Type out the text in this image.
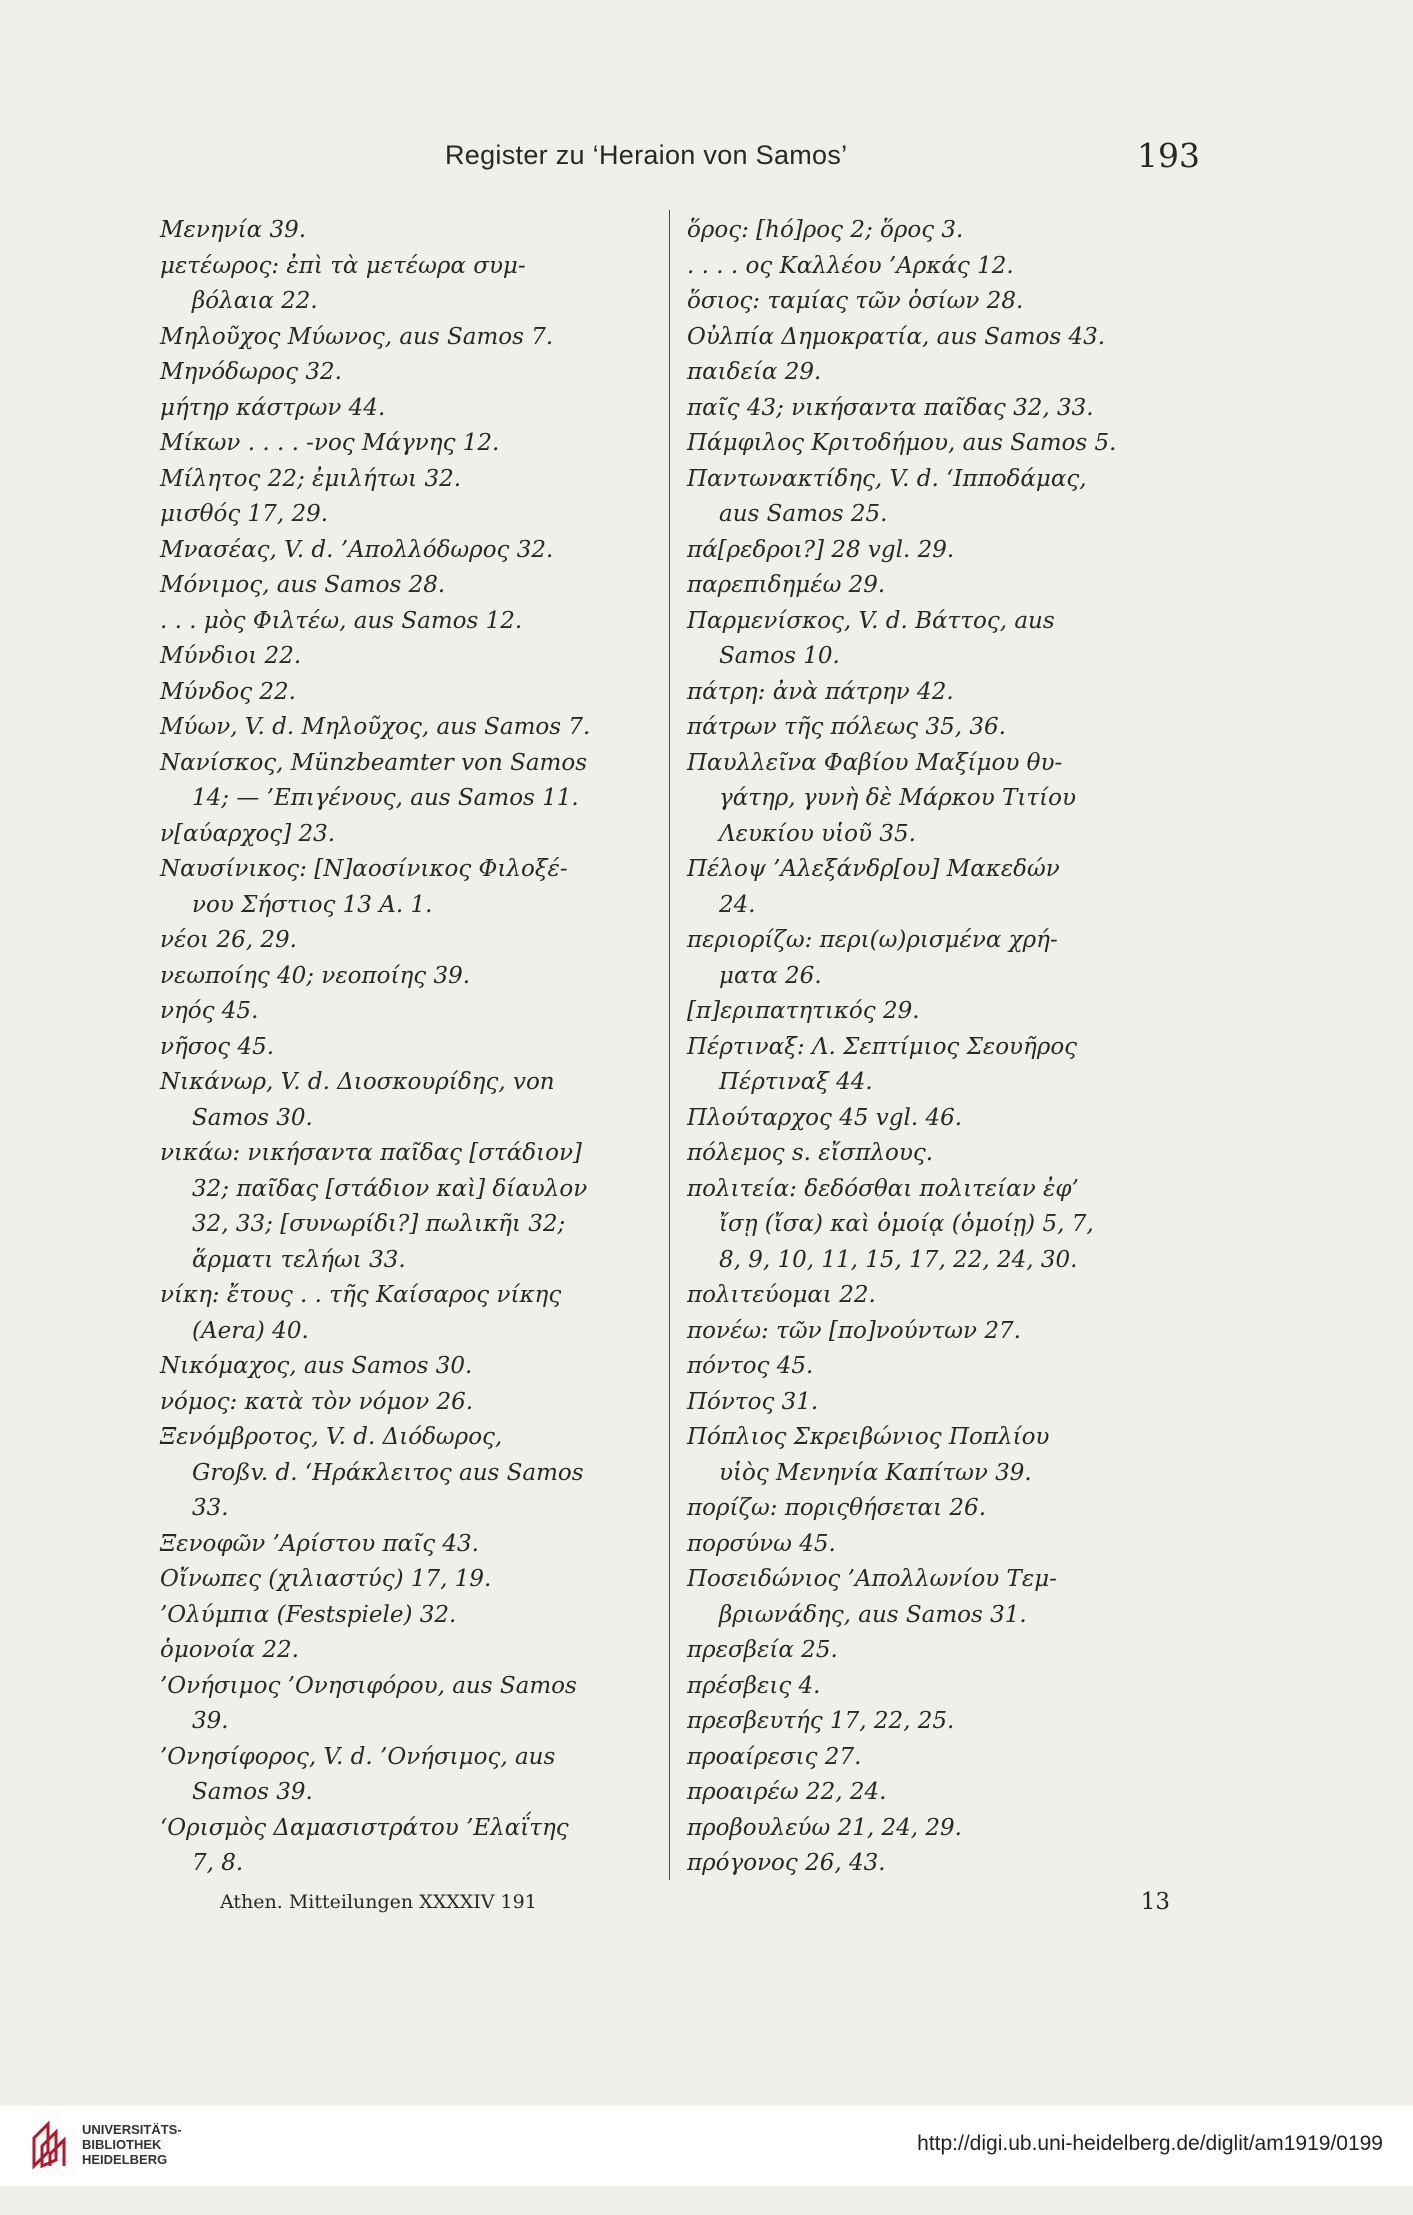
Register zu ‘Heraion von Samos’	193
Μενηνία 39.
μετέωρος: ἐπὶ τὰ μετέωρα συμ-
βόλαια 22.
Μηλοῦχος Μύωνος, aus Samos 7.
Μηνόδωρος 32.
μήτηρ κάστρων 44.
Μίκων . . . . -νος Μάγνης 12.
Μίλητος 22; ἐμιλήτωι 32.
μισθός 17, 29.
Μνασέας, V. d. ’Απολλόδωρος 32.
Μόνιμος, aus Samos 28.
. . . μὸς Φιλτέω, aus Samos 12.
Μύνδιοι 22.
Μύνδος 22.
Μύων, V. d. Μηλοῦχος, aus Samos 7.
Νανίσκος, Münzbeamter von Samos
14; — ’Επιγένους, aus Samos 11.
ν[αύαρχος] 23.
Ναυσίνικος: [Ν]αοσίνικος Φιλοξέ-
νου Σήστιος 13 A. 1.
νέοι 26, 29.
νεωποίης 40; νεοποίης 39.
νηός 45.
νῆσος 45.
Νικάνωρ, V. d. Διοσκουρίδης, von
Samos 30.
νικάω: νικήσαντα παῖδας [στάδιον]
32; παῖδας [στάδιον καὶ] δίαυλον
32, 33; [συνωρίδι?] πωλικῆι 32;
ἅρματι τελήωι 33.
νίκη: ἔτους . . τῆς Καίσαρος νίκης
(Aera) 40.
Νικόμαχος, aus Samos 30.
νόμος: κατὰ τὸν νόμον 26.
Ξενόμβροτος, V. d. Διόδωρος,
Großv. d. ‘Ηράκλειτος aus Samos
33.
Ξενοφῶν ’Αρίστου παῖς 43.
Οἴνωπες (χιλιαστύς) 17, 19.
’Ολύμπια (Festspiele) 32.
ὁμονοία 22.
’Ονήσιμος ’Ονησιφόρου, aus Samos
39.
’Ονησίφορος, V. d. ’Ονήσιμος, aus
Samos 39.
‘Ορισμὸς Δαμασιστράτου ’Ελαΐτης
7, 8.
ὅρος: [hό]ρος 2; ὅρος 3.
. . . . ος Καλλέου ’Αρκάς 12.
ὅσιος: ταμίας τῶν ὁσίων 28.
Οὐλπία Δημοκρατία, aus Samos 43.
παιδεία 29.
παῖς 43; νικήσαντα παῖδας 32, 33.
Πάμφιλος Κριτοδήμου, aus Samos 5.
Παντωνακτίδης, V. d. ‘Ιπποδάμας,
aus Samos 25.
πά[ρεδροι?] 28 vgl. 29.
παρεπιδημέω 29.
Παρμενίσκος, V. d. Βάττος, aus
Samos 10.
πάτρη: ἀνὰ πάτρην 42.
πάτρων τῆς πόλεως 35, 36.
Παυλλεῖνα Φαβίου Μαξίμου θυ-
γάτηρ, γυνὴ δὲ Μάρκου Τιτίου
Λευκίου υἱοῦ 35.
Πέλοψ ’Αλεξάνδρ[ου] Μακεδών
24.
περιορίζω: περι(ω)ρισμένα χρή-
ματα 26.
[π]εριπατητικός 29.
Πέρτιναξ: Λ. Σεπτίμιος Σεουῆρος
Πέρτιναξ 44.
Πλούταρχος 45 vgl. 46.
πόλεμος s. εἴσπλους.
πολιτεία: δεδόσθαι πολιτείαν ἐφ’
ἴσῃ (ἴσα) καὶ ὁμοίᾳ (ὁμοίῃ) 5, 7,
8, 9, 10, 11, 15, 17, 22, 24, 30.
πολιτεύομαι 22.
πονέω: τῶν [πο]νούντων 27.
πόντος 45.
Πόντος 31.
Πόπλιος Σκρειβώνιος Ποπλίου
υἱὸς Μενηνία Καπίτων 39.
πορίζω: ποριςθήσεται 26.
πορσύνω 45.
Ποσειδώνιος ’Απολλωνίου Τεμ-
βριωνάδης, aus Samos 31.
πρεσβεία 25.
πρέσβεις 4.
πρεσβευτής 17, 22, 25.
προαίρεσις 27.
προαιρέω 22, 24.
προβουλεύω 21, 24, 29.
πρόγονος 26, 43.
Athen. Mitteilungen XXXXIV 191	13
UNIVERSITÄTS-
BIBLIOTHEK
HEIDELBERG
http://digi.ub.uni-heidelberg.de/diglit/am1919/0199
